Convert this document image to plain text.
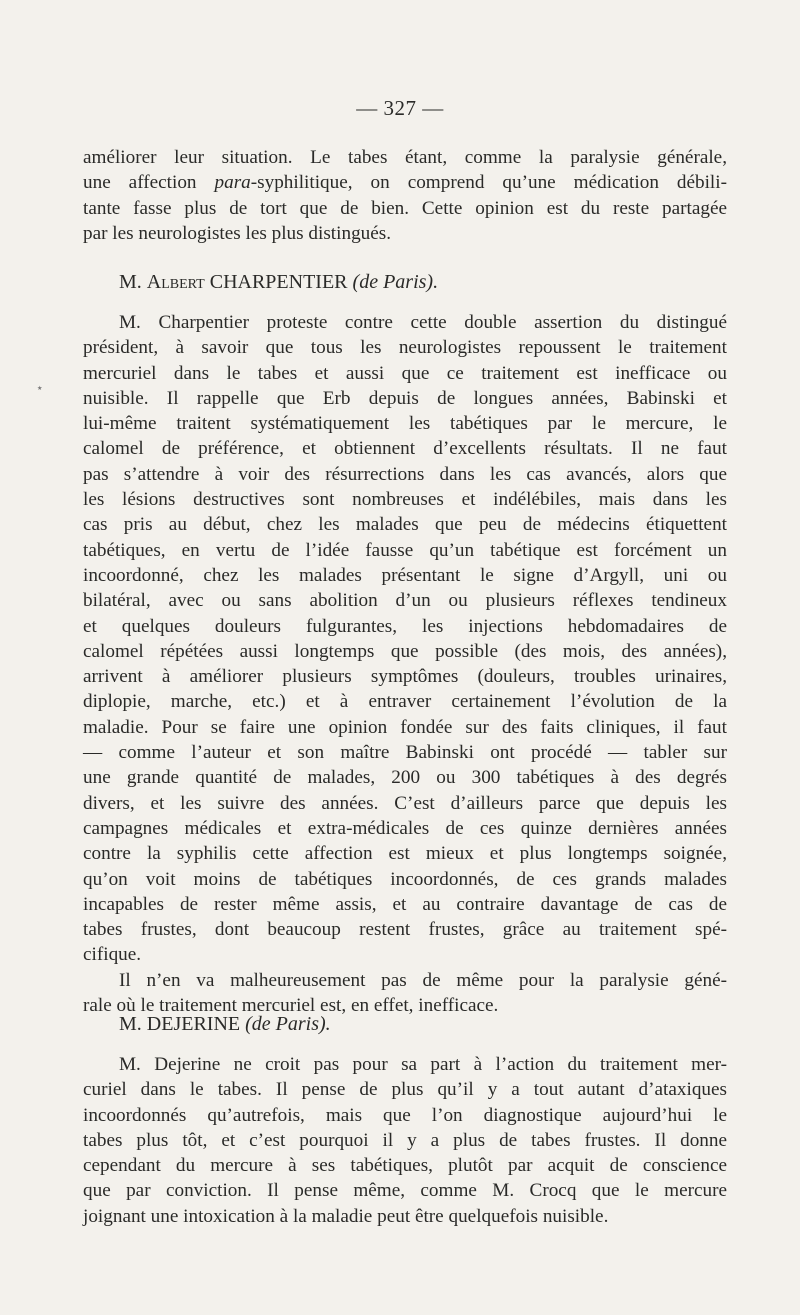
— 327 —

améliorer leur situation. Le tabes étant, comme la paralysie générale,
une affection para-syphilitique, on comprend qu’une médication débili-
tante fasse plus de tort que de bien. Cette opinion est du reste partagée
par les neurologistes les plus distingués.

M. Albert CHARPENTIER (de Paris).
٭

M. Charpentier proteste contre cette double assertion du distingué
président, à savoir que tous les neurologistes repoussent le traitement
mercuriel dans le tabes et aussi que ce traitement est inefficace ou
nuisible. Il rappelle que Erb depuis de longues années, Babinski et
lui-même traitent systématiquement les tabétiques par le mercure, le
calomel de préférence, et obtiennent d’excellents résultats. Il ne faut
pas s’attendre à voir des résurrections dans les cas avancés, alors que
les lésions destructives sont nombreuses et indélébiles, mais dans les
cas pris au début, chez les malades que peu de médecins étiquettent
tabétiques, en vertu de l’idée fausse qu’un tabétique est forcément un
incoordonné, chez les malades présentant le signe d’Argyll, uni ou
bilatéral, avec ou sans abolition d’un ou plusieurs réflexes tendineux
et quelques douleurs fulgurantes, les injections hebdomadaires de
calomel répétées aussi longtemps que possible (des mois, des années),
arrivent à améliorer plusieurs symptômes (douleurs, troubles urinaires,
diplopie, marche, etc.) et à entraver certainement l’évolution de la
maladie. Pour se faire une opinion fondée sur des faits cliniques, il faut
— comme l’auteur et son maître Babinski ont procédé — tabler sur
une grande quantité de malades, 200 ou 300 tabétiques à des degrés
divers, et les suivre des années. C’est d’ailleurs parce que depuis les
campagnes médicales et extra-médicales de ces quinze dernières années
contre la syphilis cette affection est mieux et plus longtemps soignée,
qu’on voit moins de tabétiques incoordonnés, de ces grands malades
incapables de rester même assis, et au contraire davantage de cas de
tabes frustes, dont beaucoup restent frustes, grâce au traitement spé-
cifique.

Il n’en va malheureusement pas de même pour la paralysie géné-
rale où le traitement mercuriel est, en effet, inefficace.

M. DEJERINE (de Paris).

M. Dejerine ne croit pas pour sa part à l’action du traitement mer-
curiel dans le tabes. Il pense de plus qu’il y a tout autant d’ataxiques
incoordonnés qu’autrefois, mais que l’on diagnostique aujourd’hui le
tabes plus tôt, et c’est pourquoi il y a plus de tabes frustes. Il donne
cependant du mercure à ses tabétiques, plutôt par acquit de conscience
que par conviction. Il pense même, comme M. Crocq que le mercure
joignant une intoxication à la maladie peut être quelquefois nuisible.
